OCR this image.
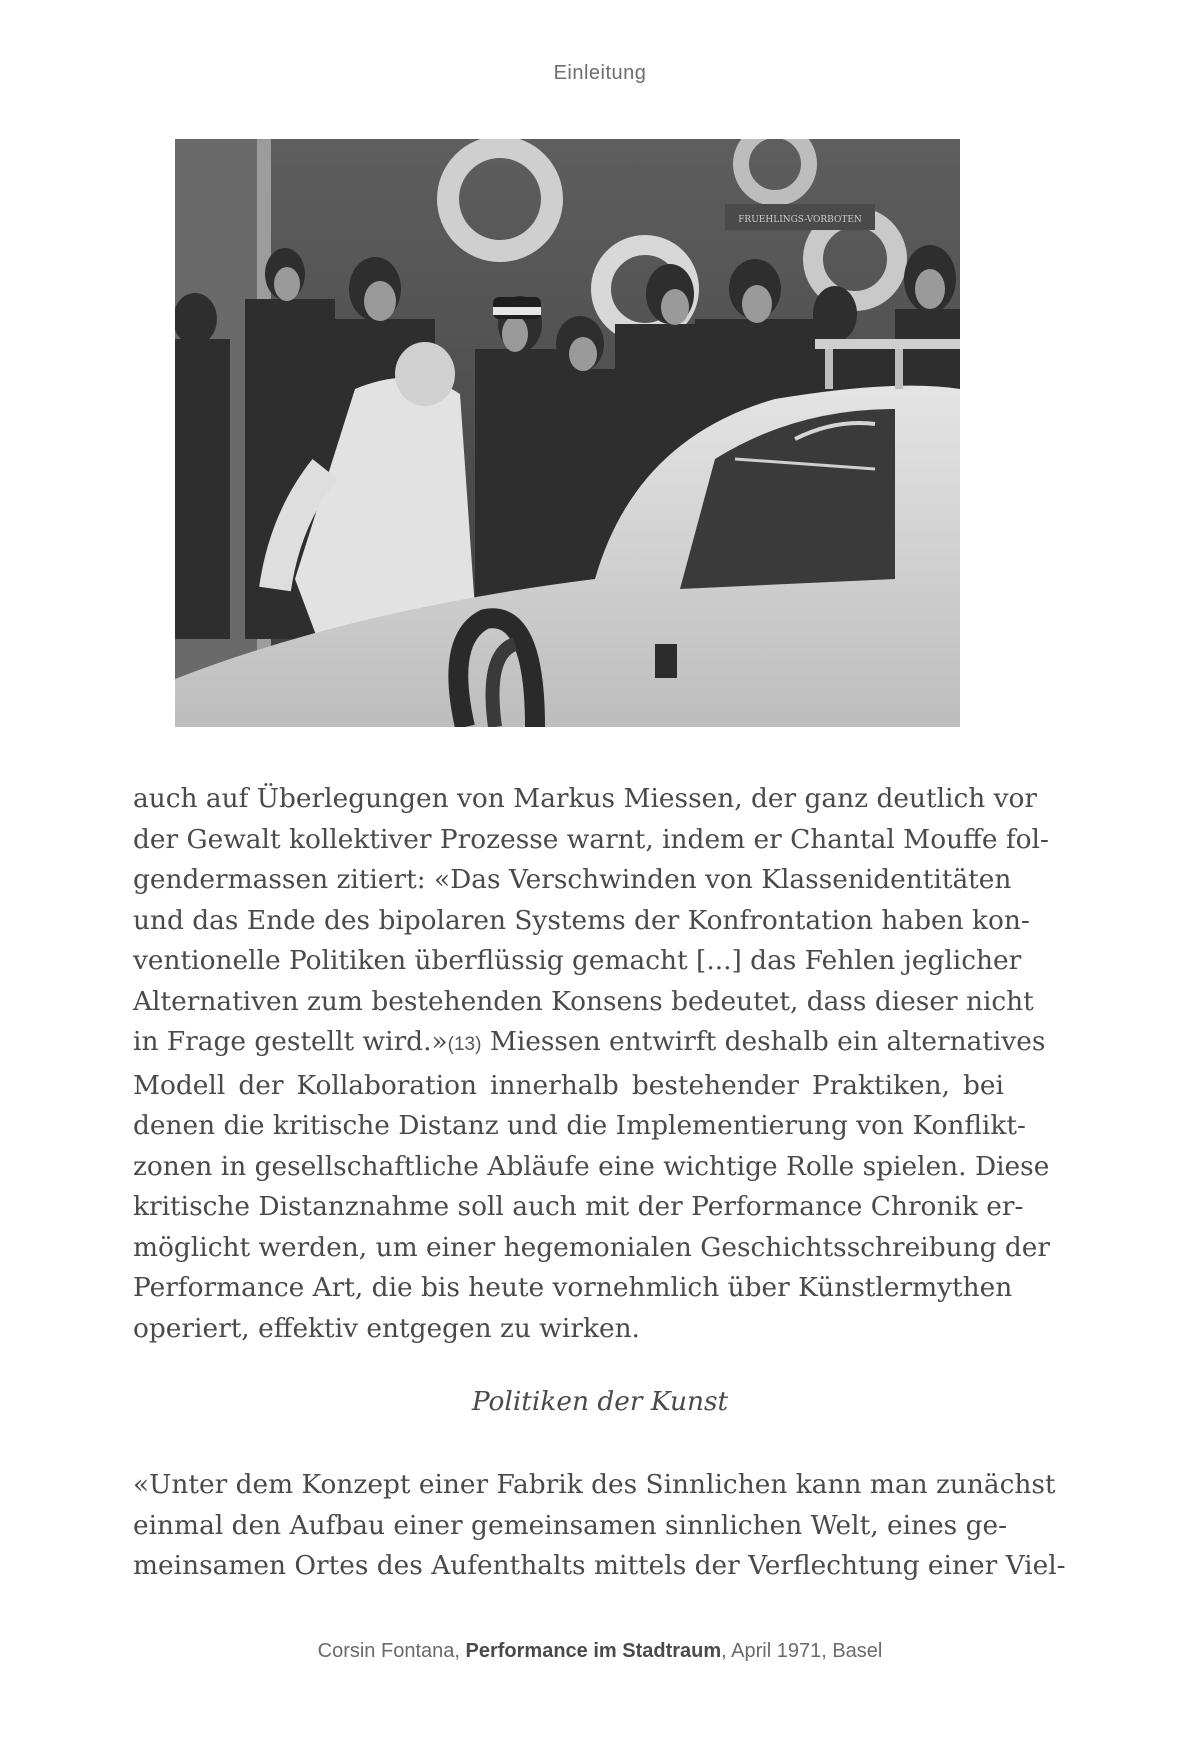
Einleitung
FRUEHLINGS-VORBOTEN
auch auf Überlegungen von Markus Miessen, der ganz deutlich vor
der Gewalt kollektiver Prozesse warnt, indem er Chantal Mouffe fol-
gendermassen zitiert: «Das Verschwinden von Klassenidentitäten
und das Ende des bipolaren Systems der Konfrontation haben kon-
ventionelle Politiken überflüssig gemacht [...] das Fehlen jeglicher
Alternativen zum bestehenden Konsens bedeutet, dass dieser nicht
in Frage gestellt wird.»(13) Miessen entwirft deshalb ein alternatives
Modell der Kollaboration innerhalb bestehender Praktiken, bei
denen die kritische Distanz und die Implementierung von Konflikt-
zonen in gesellschaftliche Abläufe eine wichtige Rolle spielen. Diese
kritische Distanznahme soll auch mit der Performance Chronik er-
möglicht werden, um einer hegemonialen Geschichtsschreibung der
Performance Art, die bis heute vornehmlich über Künstlermythen
operiert, effektiv entgegen zu wirken.
Politiken der Kunst
«Unter dem Konzept einer Fabrik des Sinnlichen kann man zunächst
einmal den Aufbau einer gemeinsamen sinnlichen Welt, eines ge-
meinsamen Ortes des Aufenthalts mittels der Verflechtung einer Viel-
Corsin Fontana, Performance im Stadtraum, April 1971, Basel
